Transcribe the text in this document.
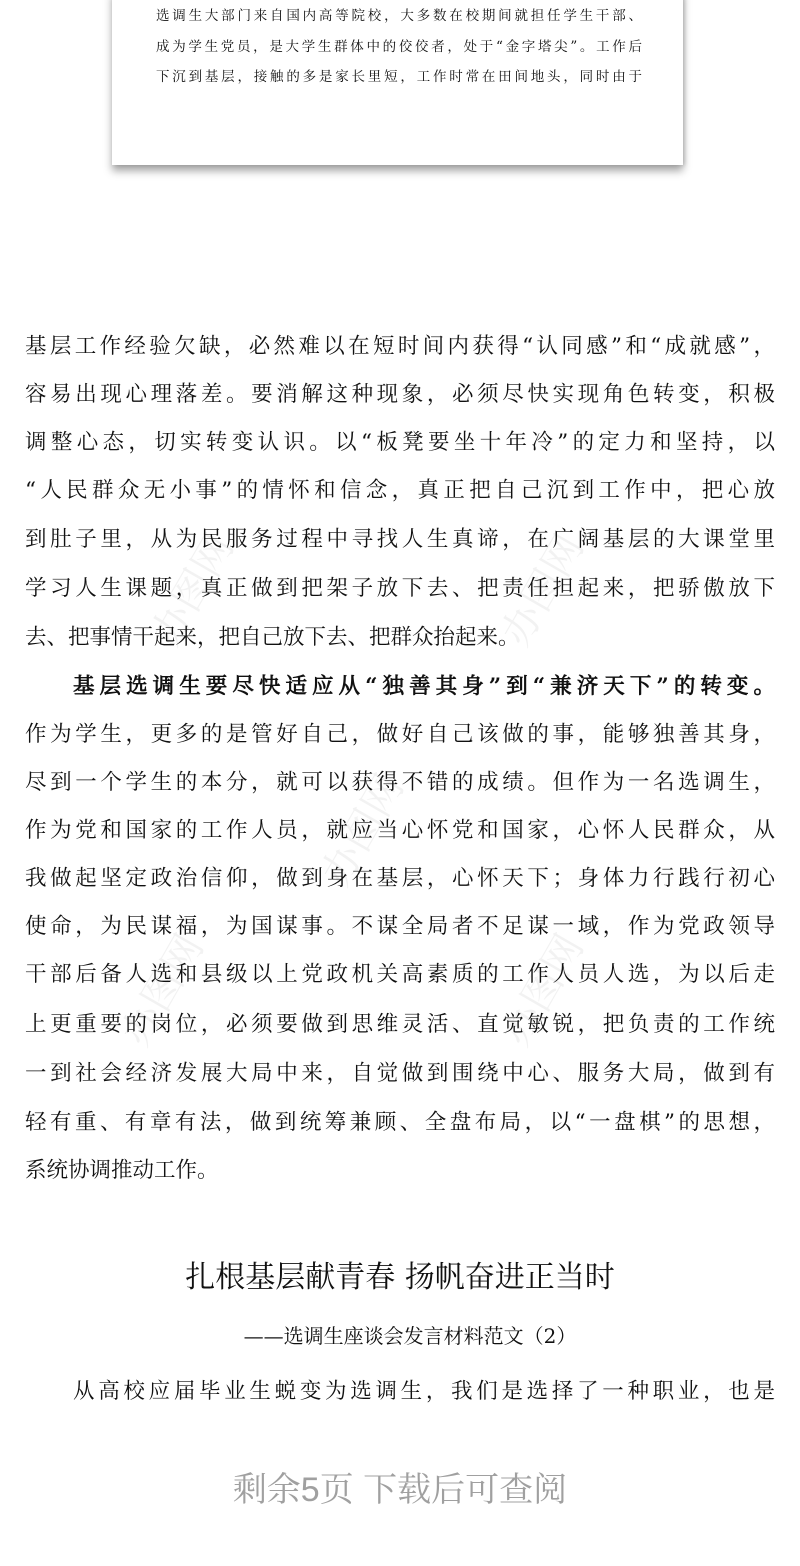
选调生大部门来自国内高等院校，大多数在校期间就担任学生干部、
成为学生党员，是大学生群体中的佼佼者，处于“金字塔尖”。工作后
下沉到基层，接触的多是家长里短，工作时常在田间地头，同时由于
办图网	办图网
办图网
办图网	办图网
基层工作经验欠缺，必然难以在短时间内获得“认同感”和“成就感”，
容易出现心理落差。要消解这种现象，必须尽快实现角色转变，积极
调整心态，切实转变认识。以“板凳要坐十年冷”的定力和坚持，以
“人民群众无小事”的情怀和信念，真正把自己沉到工作中，把心放
到肚子里，从为民服务过程中寻找人生真谛，在广阔基层的大课堂里
学习人生课题，真正做到把架子放下去、把责任担起来，把骄傲放下
去、把事情干起来，把自己放下去、把群众抬起来。
基层选调生要尽快适应从“独善其身”到“兼济天下”的转变。
作为学生，更多的是管好自己，做好自己该做的事，能够独善其身，
尽到一个学生的本分，就可以获得不错的成绩。但作为一名选调生，
作为党和国家的工作人员，就应当心怀党和国家，心怀人民群众，从
我做起坚定政治信仰，做到身在基层，心怀天下；身体力行践行初心
使命，为民谋福，为国谋事。不谋全局者不足谋一域，作为党政领导
干部后备人选和县级以上党政机关高素质的工作人员人选，为以后走
上更重要的岗位，必须要做到思维灵活、直觉敏锐，把负责的工作统
一到社会经济发展大局中来，自觉做到围绕中心、服务大局，做到有
轻有重、有章有法，做到统筹兼顾、全盘布局，以“一盘棋”的思想，
系统协调推动工作。
扎根基层献青春 扬帆奋进正当时
——选调生座谈会发言材料范文（2）
从高校应届毕业生蜕变为选调生，我们是选择了一种职业，也是
剩余5页 下载后可查阅
